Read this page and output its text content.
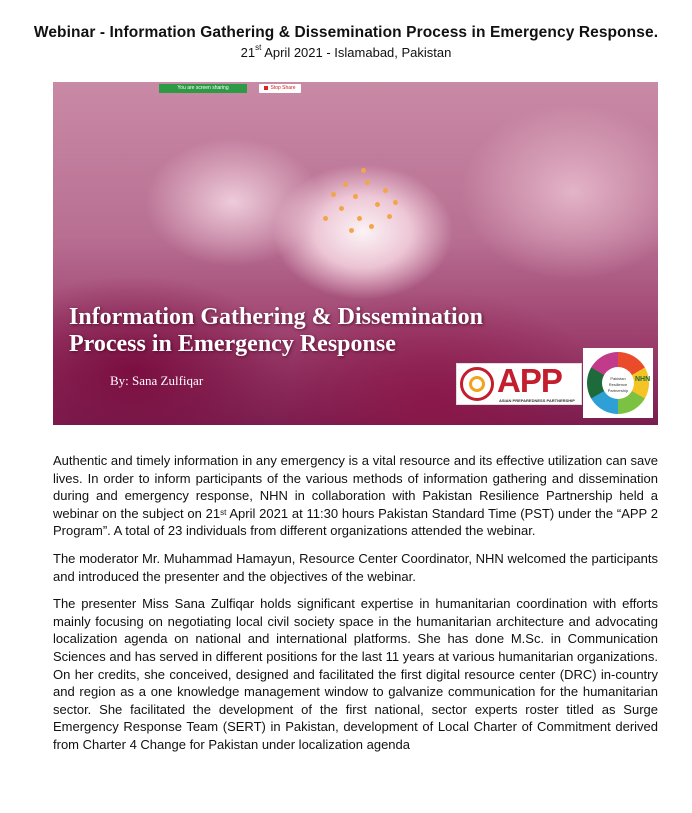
Webinar - Information Gathering & Dissemination Process in Emergency Response.
21st April 2021 - Islamabad, Pakistan
You are screen sharing	Stop Share
Information Gathering & Dissemination
Process in Emergency Response
By: Sana Zulfiqar	APP
ASIAN PREPAREDNESS PARTNERSHIP
Pakistan Resilience Partnership
NHN

Authentic and timely information in any emergency is a vital resource and its effective utilization can save lives. In order to inform participants of the various methods of information gathering and dissemination during and emergency response, NHN in collaboration with Pakistan Resilience Partnership held a webinar on the subject on 21st April 2021 at 11:30 hours Pakistan Standard Time (PST) under the “APP 2 Program”. A total of 23 individuals from different organizations attended the webinar.

The moderator Mr. Muhammad Hamayun, Resource Center Coordinator, NHN welcomed the participants and introduced the presenter and the objectives of the webinar.

The presenter Miss Sana Zulfiqar holds significant expertise in humanitarian coordination with efforts mainly focusing on negotiating local civil society space in the humanitarian architecture and advocating localization agenda on national and international platforms. She has done M.Sc. in Communication Sciences and has served in different positions for the last 11 years at various humanitarian organizations. On her credits, she conceived, designed and facilitated the first digital resource center (DRC) in-country and region as a one knowledge management window to galvanize communication for the humanitarian sector. She facilitated the development of the first national, sector experts roster titled as Surge Emergency Response Team (SERT) in Pakistan, development of Local Charter of Commitment derived from Charter 4 Change for Pakistan under localization agenda
